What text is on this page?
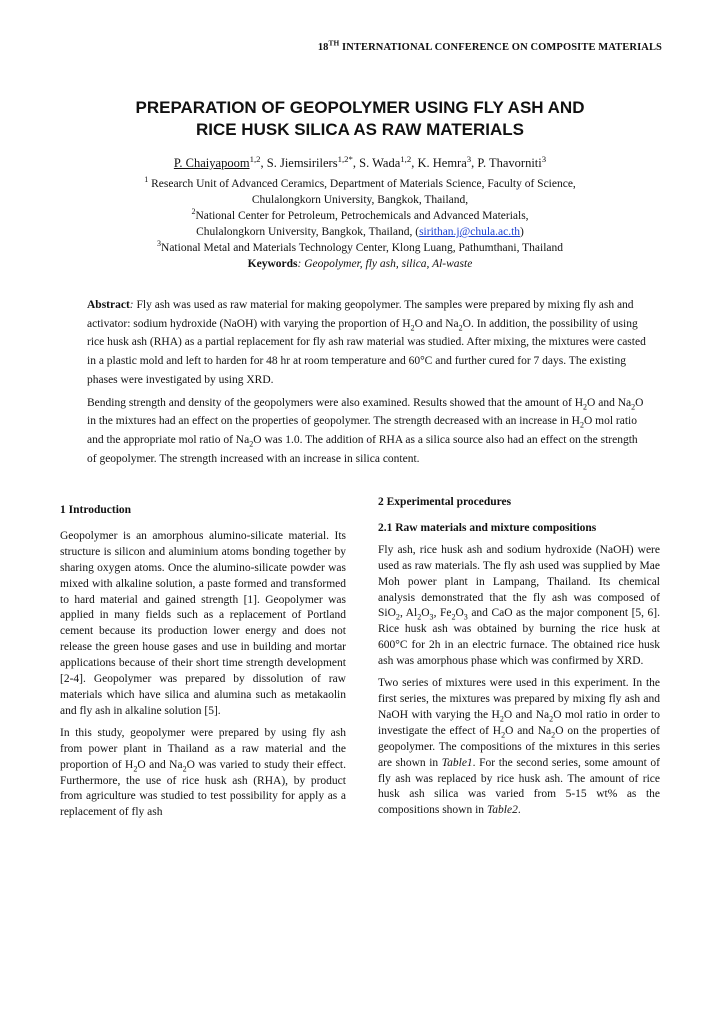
18TH INTERNATIONAL CONFERENCE ON COMPOSITE MATERIALS
PREPARATION OF GEOPOLYMER USING FLY ASH AND
RICE HUSK SILICA AS RAW MATERIALS
P. Chaiyapoom$^{1,2}$, S. Jiemsirilers$^{1,2*}$, S. Wada$^{1,2}$, K. Hemra$^3$, P. Thavorniti$^3$
$^1$ Research Unit of Advanced Ceramics, Department of Materials Science, Faculty of Science,
Chulalongkorn University, Bangkok, Thailand,
$^2$National Center for Petroleum, Petrochemicals and Advanced Materials,
Chulalongkorn University, Bangkok, Thailand, (sirithan.j@chula.ac.th)
$^3$National Metal and Materials Technology Center, Klong Luang, Pathumthani, Thailand
Keywords: Geopolymer, fly ash, silica, Al-waste

Abstract: Fly ash was used as raw material for making geopolymer. The samples were prepared by mixing fly ash and activator: sodium hydroxide (NaOH) with varying the proportion of $H_2O$ and $Na_2O$. In addition, the possibility of using rice husk ash (RHA) as a partial replacement for fly ash raw material was studied. After mixing, the mixtures were casted in a plastic mold and left to harden for 48 hr at room temperature and 60°C and further cured for 7 days. The existing phases were investigated by using XRD.

Bending strength and density of the geopolymers were also examined. Results showed that the amount of $H_2O$ and $Na_2O$ in the mixtures had an effect on the properties of geopolymer. The strength decreased with an increase in $H_2O$ mol ratio and the appropriate mol ratio of $Na_2O$ was 1.0. The addition of RHA as a silica source also had an effect on the strength of geopolymer. The strength increased with an increase in silica content.

1 Introduction

Geopolymer is an amorphous alumino-silicate material. Its structure is silicon and aluminium atoms bonding together by sharing oxygen atoms. Once the alumino-silicate powder was mixed with alkaline solution, a paste formed and transformed to hard material and gained strength [1]. Geopolymer was applied in many fields such as a replacement of Portland cement because its production lower energy and does not release the green house gases and use in building and mortar applications because of their short time strength development [2-4]. Geopolymer was prepared by dissolution of raw materials which have silica and alumina such as metakaolin and fly ash in alkaline solution [5].

In this study, geopolymer were prepared by using fly ash from power plant in Thailand as a raw material and the proportion of $H_2O$ and $Na_2O$ was varied to study their effect. Furthermore, the use of rice husk ash (RHA), by product from agriculture was studied to test possibility for apply as a replacement of fly ash

2 Experimental procedures
2.1 Raw materials and mixture compositions

Fly ash, rice husk ash and sodium hydroxide (NaOH) were used as raw materials. The fly ash used was supplied by Mae Moh power plant in Lampang, Thailand. Its chemical analysis demonstrated that the fly ash was composed of SiO$_2$, $Al_2O_3$, $Fe_2O_3$ and CaO as the major component [5, 6]. Rice husk ash was obtained by burning the rice husk at 600°C for 2h in an electric furnace. The obtained rice husk ash was amorphous phase which was confirmed by XRD.

Two series of mixtures were used in this experiment. In the first series, the mixtures was prepared by mixing fly ash and NaOH with varying the $H_2O$ and $Na_2O$ mol ratio in order to investigate the effect of $H_2O$ and $Na_2O$ on the properties of geopolymer. The compositions of the mixtures in this series are shown in Table1. For the second series, some amount of fly ash was replaced by rice husk ash. The amount of rice husk ash silica was varied from 5-15 wt% as the compositions shown in Table2.
